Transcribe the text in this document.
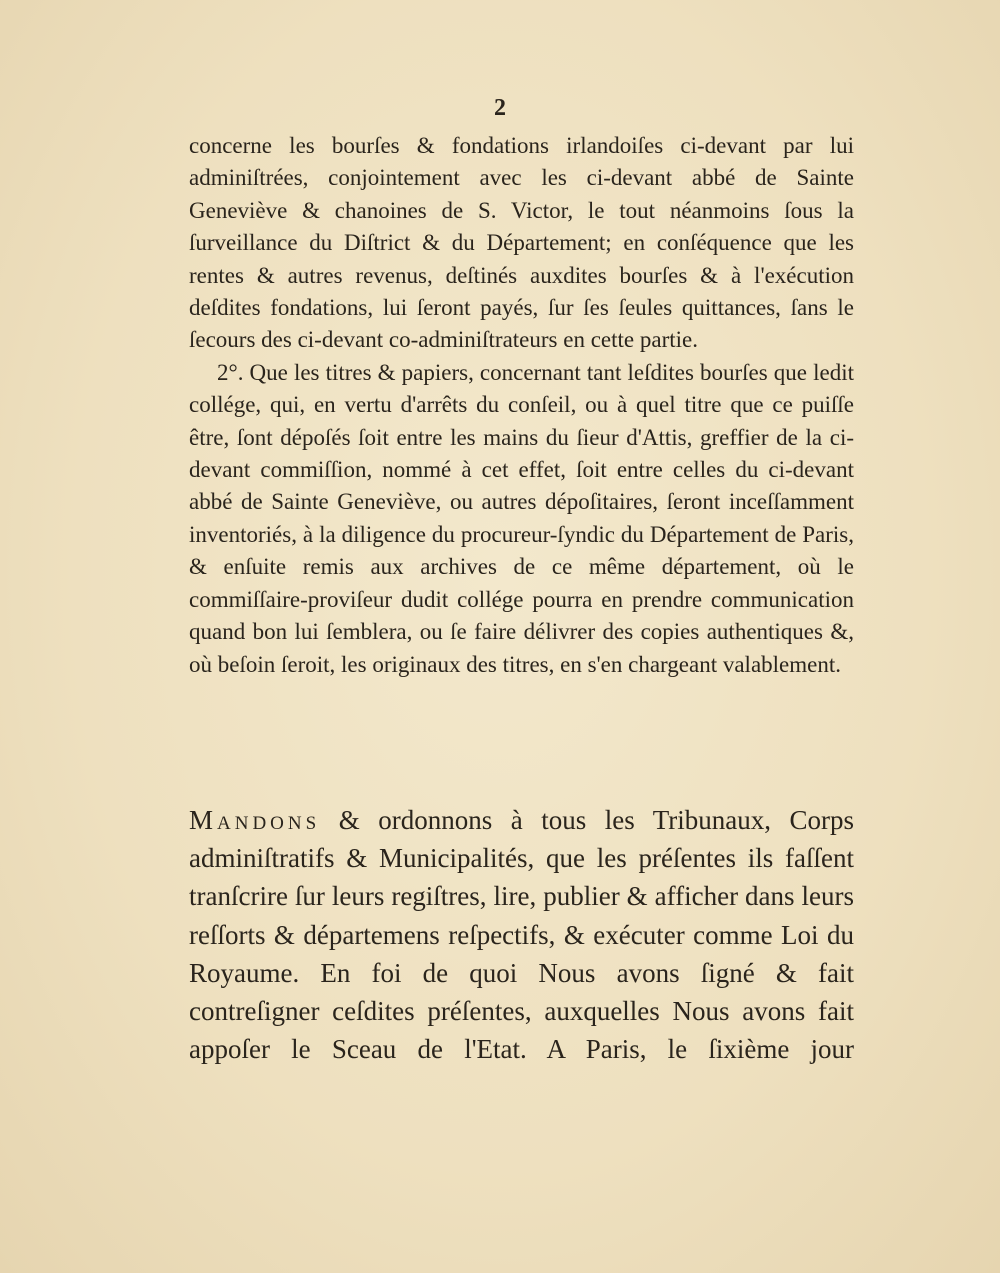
2

concerne les bourſes & fondations irlandoiſes ci-devant par lui adminiſtrées, conjointement avec les ci-devant abbé de Sainte Geneviève & chanoines de S. Victor, le tout néanmoins ſous la ſurveillance du Diſtrict & du Département; en conſéquence que les rentes & autres revenus, deſtinés auxdites bourſes & à l'exécution deſdites fondations, lui ſeront payés, ſur ſes ſeules quittances, ſans le ſecours des ci-devant co-adminiſtrateurs en cette partie.

2°. Que les titres & papiers, concernant tant leſdites bourſes que ledit collége, qui, en vertu d'arrêts du conſeil, ou à quel titre que ce puiſſe être, ſont dépoſés ſoit entre les mains du ſieur d'Attis, greffier de la ci-devant commiſſion, nommé à cet effet, ſoit entre celles du ci-devant abbé de Sainte Geneviève, ou autres dépoſitaires, ſeront inceſſamment inventoriés, à la diligence du procureur-ſyndic du Département de Paris, & enſuite remis aux archives de ce même département, où le commiſſaire-proviſeur dudit collége pourra en prendre communication quand bon lui ſemblera, ou ſe faire délivrer des copies authentiques &, où beſoin ſeroit, les originaux des titres, en s'en chargeant valablement.

Mandons & ordonnons à tous les Tribunaux, Corps adminiſtratifs & Municipalités, que les préſentes ils faſſent tranſcrire ſur leurs regiſtres, lire, publier & afficher dans leurs reſſorts & départemens reſpectifs, & exécuter comme Loi du Royaume. En foi de quoi Nous avons ſigné & fait contreſigner ceſdites préſentes, auxquelles Nous avons fait appoſer le Sceau de l'Etat. A Paris, le ſixième jour
